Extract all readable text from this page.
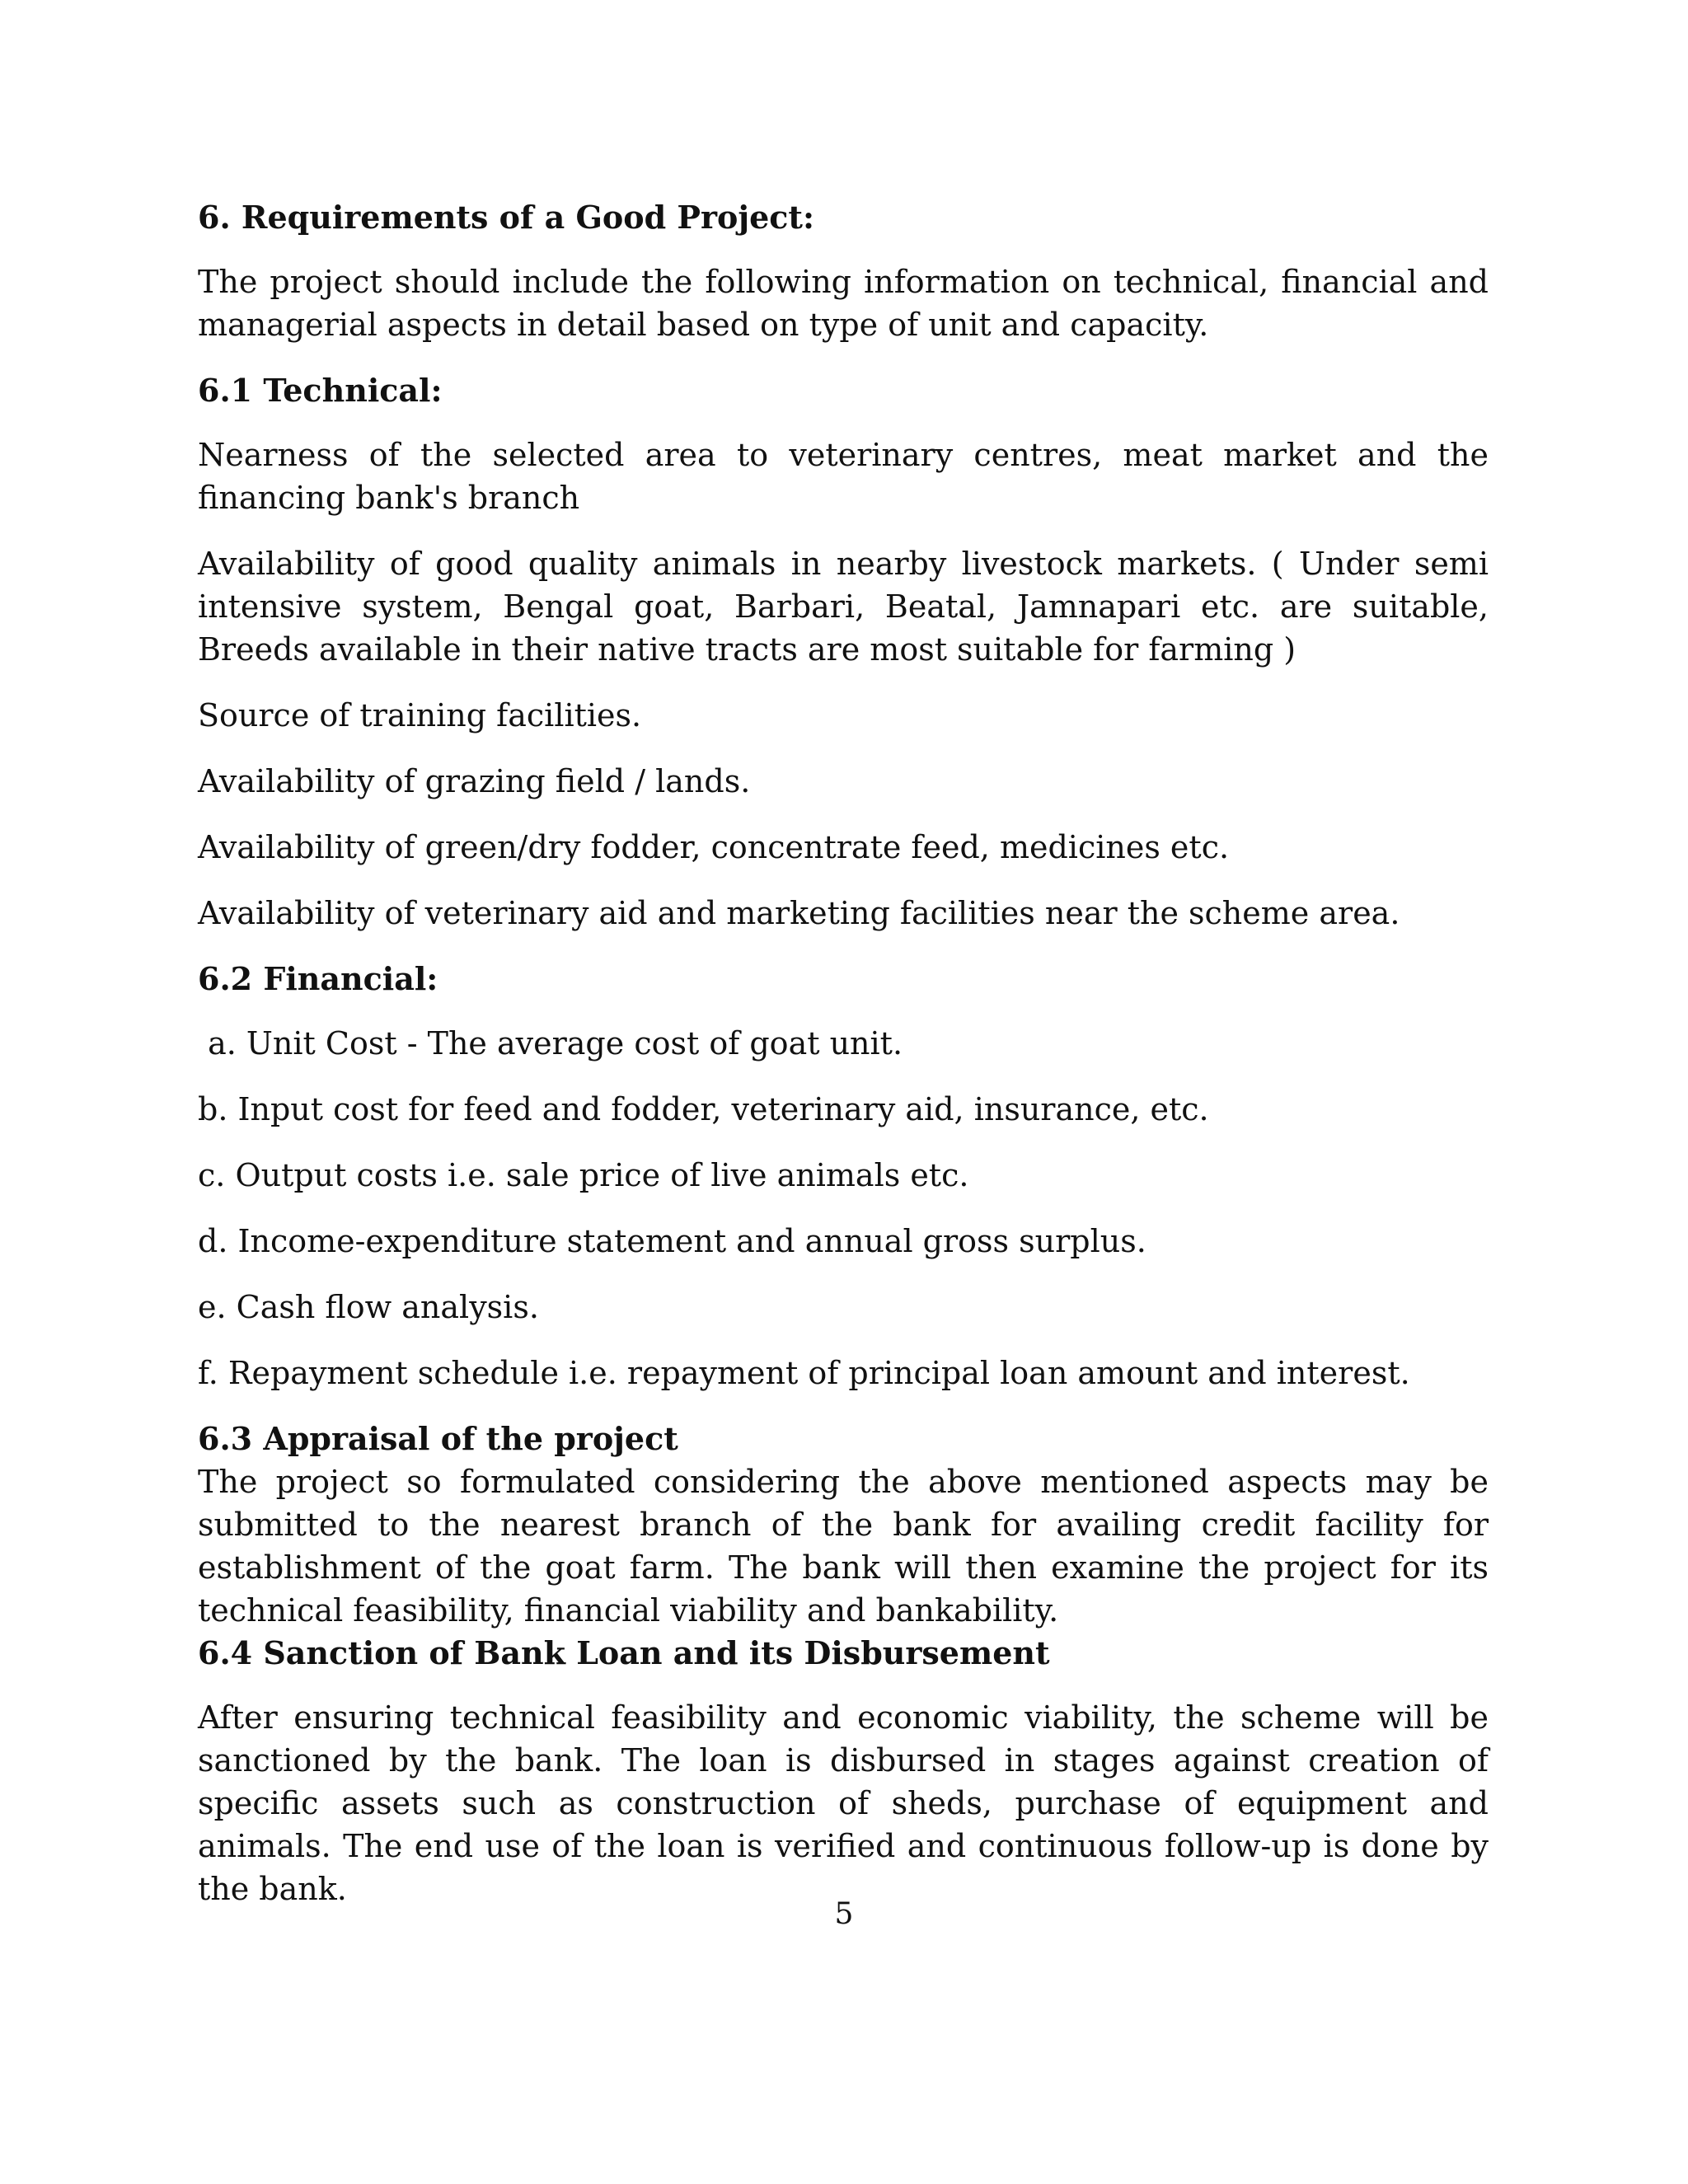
6. Requirements of a Good Project:

The project should include the following information on technical, financial and managerial aspects in detail based on type of unit and capacity.

6.1 Technical:

Nearness of the selected area to veterinary centres, meat market and the financing bank's branch

Availability of good quality animals in nearby livestock markets. ( Under semi intensive system, Bengal goat, Barbari, Beatal, Jamnapari etc. are suitable, Breeds available in their native tracts are most suitable for farming )

Source of training facilities.

Availability of grazing field / lands.

Availability of green/dry fodder, concentrate feed, medicines etc.

Availability of veterinary aid and marketing facilities near the scheme area.

6.2 Financial:

a. Unit Cost - The average cost of goat unit.

b. Input cost for feed and fodder, veterinary aid, insurance, etc.

c. Output costs i.e. sale price of live animals etc.

d. Income-expenditure statement and annual gross surplus.

e. Cash flow analysis.

f. Repayment schedule i.e. repayment of principal loan amount and interest.

6.3 Appraisal of the project

The project so formulated considering the above mentioned aspects may be submitted to the nearest branch of the bank for availing credit facility for establishment of the goat farm. The bank will then examine the project for its technical feasibility, financial viability and bankability.

6.4 Sanction of Bank Loan and its Disbursement

After ensuring technical feasibility and economic viability, the scheme will be sanctioned by the bank. The loan is disbursed in stages against creation of specific assets such as construction of sheds, purchase of equipment and animals. The end use of the loan is verified and continuous follow-up is done by the bank.

5
